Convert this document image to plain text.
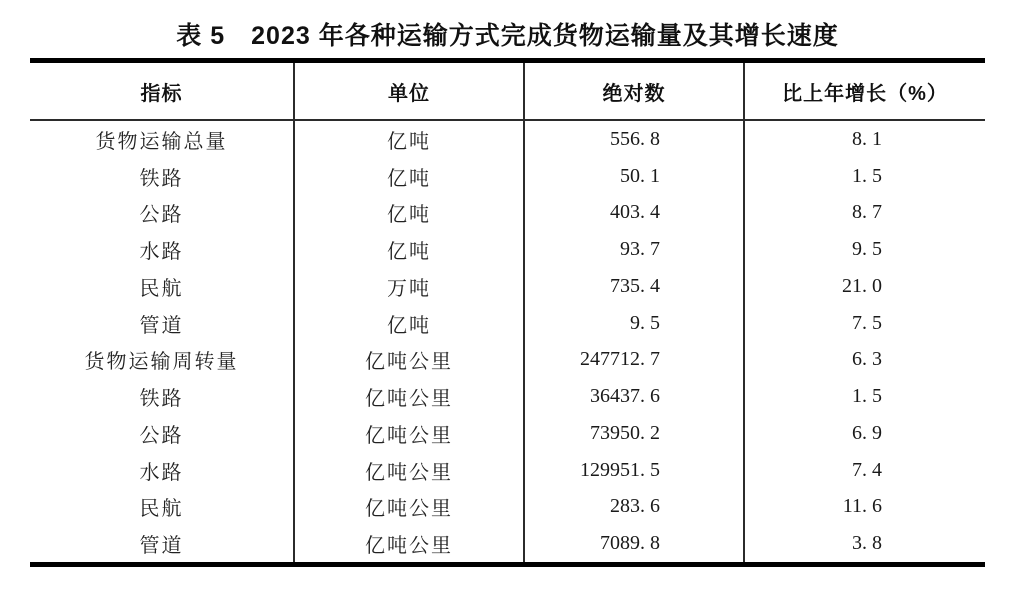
表 5　2023 年各种运输方式完成货物运输量及其增长速度
指标	单位	绝对数	比上年增长（%）
货物运输总量	亿吨	556. 8	8. 1
铁路	亿吨	50. 1	1. 5
公路	亿吨	403. 4	8. 7
水路	亿吨	93. 7	9. 5
民航	万吨	735. 4	21. 0
管道	亿吨	9. 5	7. 5
货物运输周转量	亿吨公里	247712. 7	6. 3
铁路	亿吨公里	36437. 6	1. 5
公路	亿吨公里	73950. 2	6. 9
水路	亿吨公里	129951. 5	7. 4
民航	亿吨公里	283. 6	11. 6
管道	亿吨公里	7089. 8	3. 8
